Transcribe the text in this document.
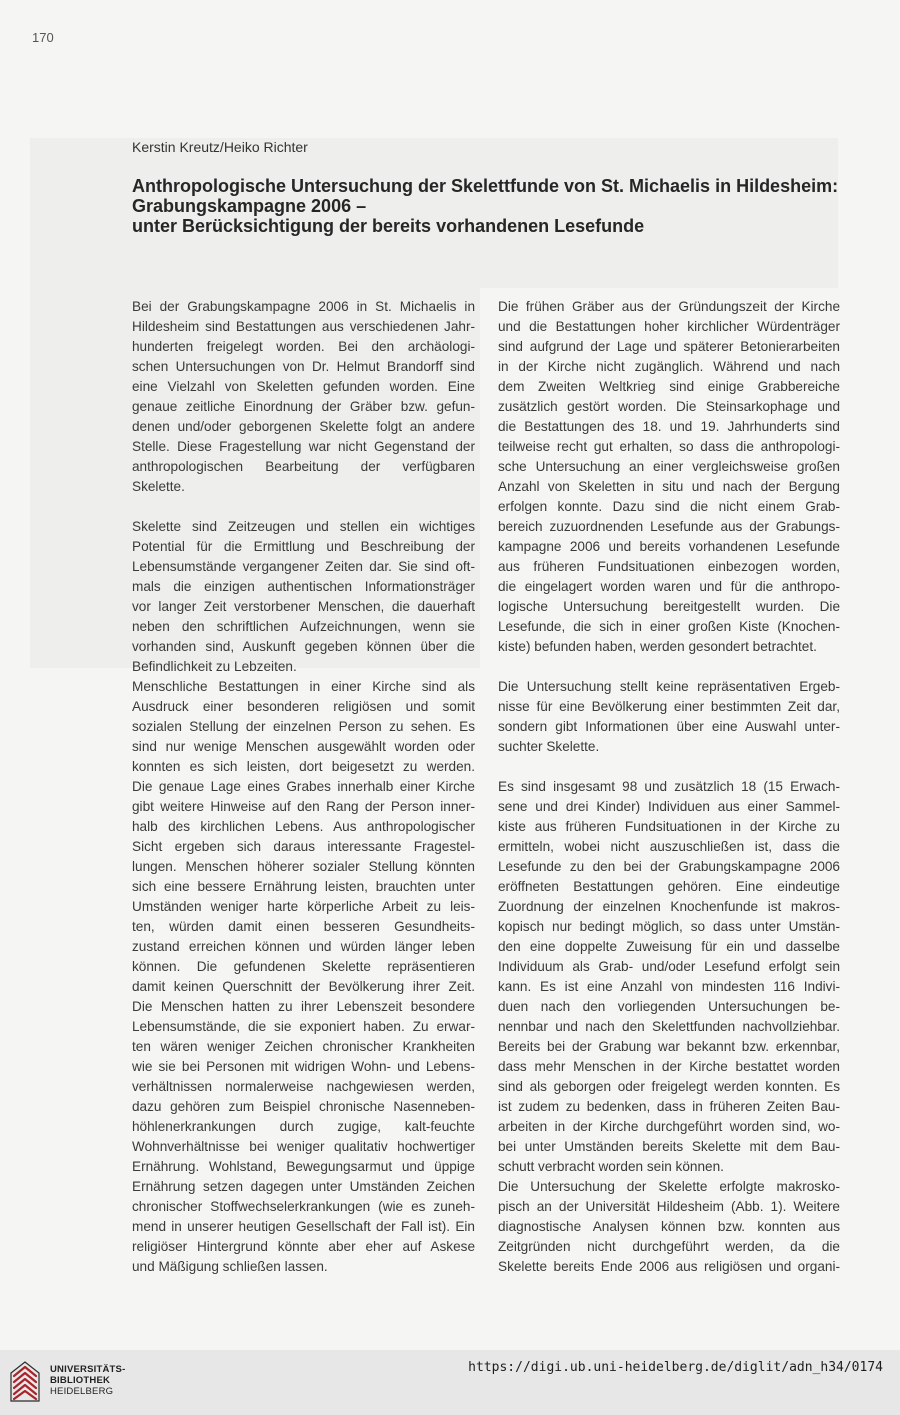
170
Kerstin Kreutz/Heiko Richter
Anthropologische Untersuchung der Skelettfunde von St. Michaelis in Hildesheim:
Grabungskampagne 2006 –
unter Berücksichtigung der bereits vorhandenen Lesefunde
Bei der Grabungskampagne 2006 in St. Michaelis in
Hildesheim sind Bestattungen aus verschiedenen Jahr-
hunderten freigelegt worden. Bei den archäologi-
schen Untersuchungen von Dr. Helmut Brandorff sind
eine Vielzahl von Skeletten gefunden worden. Eine
genaue zeitliche Einordnung der Gräber bzw. gefun-
denen und/oder geborgenen Skelette folgt an andere
Stelle. Diese Fragestellung war nicht Gegenstand der
anthropologischen Bearbeitung der verfügbaren
Skelette.
Skelette sind Zeitzeugen und stellen ein wichtiges
Potential für die Ermittlung und Beschreibung der
Lebensumstände vergangener Zeiten dar. Sie sind oft-
mals die einzigen authentischen Informationsträger
vor langer Zeit verstorbener Menschen, die dauerhaft
neben den schriftlichen Aufzeichnungen, wenn sie
vorhanden sind, Auskunft gegeben können über die
Befindlichkeit zu Lebzeiten.
Menschliche Bestattungen in einer Kirche sind als
Ausdruck einer besonderen religiösen und somit
sozialen Stellung der einzelnen Person zu sehen. Es
sind nur wenige Menschen ausgewählt worden oder
konnten es sich leisten, dort beigesetzt zu werden.
Die genaue Lage eines Grabes innerhalb einer Kirche
gibt weitere Hinweise auf den Rang der Person inner-
halb des kirchlichen Lebens. Aus anthropologischer
Sicht ergeben sich daraus interessante Fragestel-
lungen. Menschen höherer sozialer Stellung könnten
sich eine bessere Ernährung leisten, brauchten unter
Umständen weniger harte körperliche Arbeit zu leis-
ten, würden damit einen besseren Gesundheits-
zustand erreichen können und würden länger leben
können. Die gefundenen Skelette repräsentieren
damit keinen Querschnitt der Bevölkerung ihrer Zeit.
Die Menschen hatten zu ihrer Lebenszeit besondere
Lebensumstände, die sie exponiert haben. Zu erwar-
ten wären weniger Zeichen chronischer Krankheiten
wie sie bei Personen mit widrigen Wohn- und Lebens-
verhältnissen normalerweise nachgewiesen werden,
dazu gehören zum Beispiel chronische Nasenneben-
höhlenerkrankungen durch zugige, kalt-feuchte
Wohnverhältnisse bei weniger qualitativ hochwertiger
Ernährung. Wohlstand, Bewegungsarmut und üppige
Ernährung setzen dagegen unter Umständen Zeichen
chronischer Stoffwechselerkrankungen (wie es zuneh-
mend in unserer heutigen Gesellschaft der Fall ist). Ein
religiöser Hintergrund könnte aber eher auf Askese
und Mäßigung schließen lassen.
Die frühen Gräber aus der Gründungszeit der Kirche
und die Bestattungen hoher kirchlicher Würdenträger
sind aufgrund der Lage und späterer Betonierarbeiten
in der Kirche nicht zugänglich. Während und nach
dem Zweiten Weltkrieg sind einige Grabbereiche
zusätzlich gestört worden. Die Steinsarkophage und
die Bestattungen des 18. und 19. Jahrhunderts sind
teilweise recht gut erhalten, so dass die anthropologi-
sche Untersuchung an einer vergleichsweise großen
Anzahl von Skeletten in situ und nach der Bergung
erfolgen konnte. Dazu sind die nicht einem Grab-
bereich zuzuordnenden Lesefunde aus der Grabungs-
kampagne 2006 und bereits vorhandenen Lesefunde
aus früheren Fundsituationen einbezogen worden,
die eingelagert worden waren und für die anthropo-
logische Untersuchung bereitgestellt wurden. Die
Lesefunde, die sich in einer großen Kiste (Knochen-
kiste) befunden haben, werden gesondert betrachtet.
Die Untersuchung stellt keine repräsentativen Ergeb-
nisse für eine Bevölkerung einer bestimmten Zeit dar,
sondern gibt Informationen über eine Auswahl unter-
suchter Skelette.
Es sind insgesamt 98 und zusätzlich 18 (15 Erwach-
sene und drei Kinder) Individuen aus einer Sammel-
kiste aus früheren Fundsituationen in der Kirche zu
ermitteln, wobei nicht auszuschließen ist, dass die
Lesefunde zu den bei der Grabungskampagne 2006
eröffneten Bestattungen gehören. Eine eindeutige
Zuordnung der einzelnen Knochenfunde ist makros-
kopisch nur bedingt möglich, so dass unter Umstän-
den eine doppelte Zuweisung für ein und dasselbe
Individuum als Grab- und/oder Lesefund erfolgt sein
kann. Es ist eine Anzahl von mindesten 116 Indivi-
duen nach den vorliegenden Untersuchungen be-
nennbar und nach den Skelettfunden nachvollziehbar.
Bereits bei der Grabung war bekannt bzw. erkennbar,
dass mehr Menschen in der Kirche bestattet worden
sind als geborgen oder freigelegt werden konnten. Es
ist zudem zu bedenken, dass in früheren Zeiten Bau-
arbeiten in der Kirche durchgeführt worden sind, wo-
bei unter Umständen bereits Skelette mit dem Bau-
schutt verbracht worden sein können.
Die Untersuchung der Skelette erfolgte makrosko-
pisch an der Universität Hildesheim (Abb. 1). Weitere
diagnostische Analysen können bzw. konnten aus
Zeitgründen nicht durchgeführt werden, da die
Skelette bereits Ende 2006 aus religiösen und organi-
UNIVERSITÄTS-
BIBLIOTHEK
HEIDELBERG
https://digi.ub.uni-heidelberg.de/diglit/adn_h34/0174
